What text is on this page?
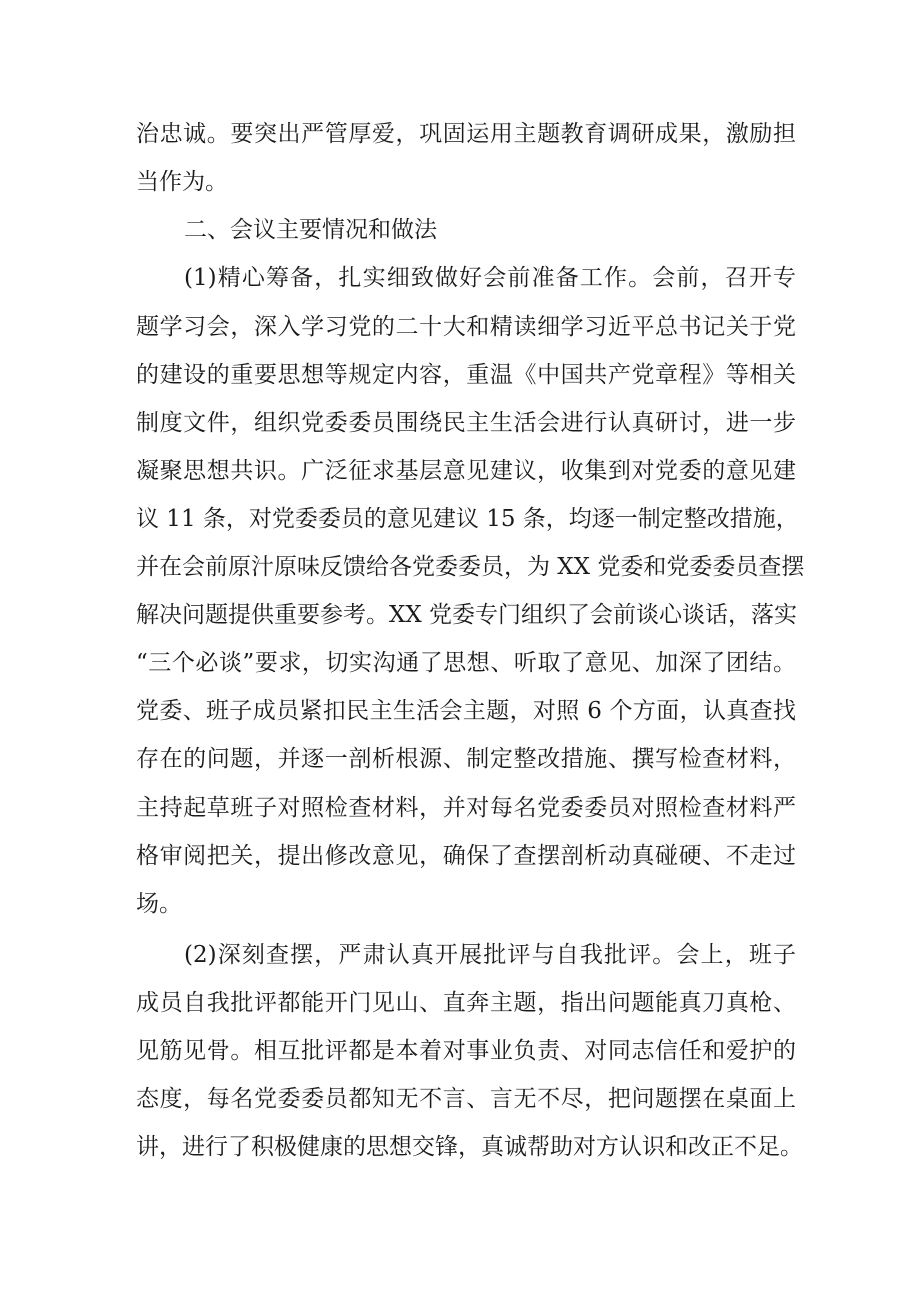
治忠诚。要突出严管厚爱，巩固运用主题教育调研成果，激励担
当作为。
二、会议主要情况和做法
(1)精心筹备，扎实细致做好会前准备工作。会前，召开专
题学习会，深入学习党的二十大和精读细学习近平总书记关于党
的建设的重要思想等规定内容，重温《中国共产党章程》等相关
制度文件，组织党委委员围绕民主生活会进行认真研讨，进一步
凝聚思想共识。广泛征求基层意见建议，收集到对党委的意见建
议 11 条，对党委委员的意见建议 15 条，均逐一制定整改措施，
并在会前原汁原味反馈给各党委委员，为 XX 党委和党委委员查摆
解决问题提供重要参考。XX 党委专门组织了会前谈心谈话，落实
“三个必谈”要求，切实沟通了思想、听取了意见、加深了团结。
党委、班子成员紧扣民主生活会主题，对照 6 个方面，认真查找
存在的问题，并逐一剖析根源、制定整改措施、撰写检查材料，
主持起草班子对照检查材料，并对每名党委委员对照检查材料严
格审阅把关，提出修改意见，确保了查摆剖析动真碰硬、不走过
场。
(2)深刻查摆，严肃认真开展批评与自我批评。会上，班子
成员自我批评都能开门见山、直奔主题，指出问题能真刀真枪、
见筋见骨。相互批评都是本着对事业负责、对同志信任和爱护的
态度，每名党委委员都知无不言、言无不尽，把问题摆在桌面上
讲，进行了积极健康的思想交锋，真诚帮助对方认识和改正不足。
